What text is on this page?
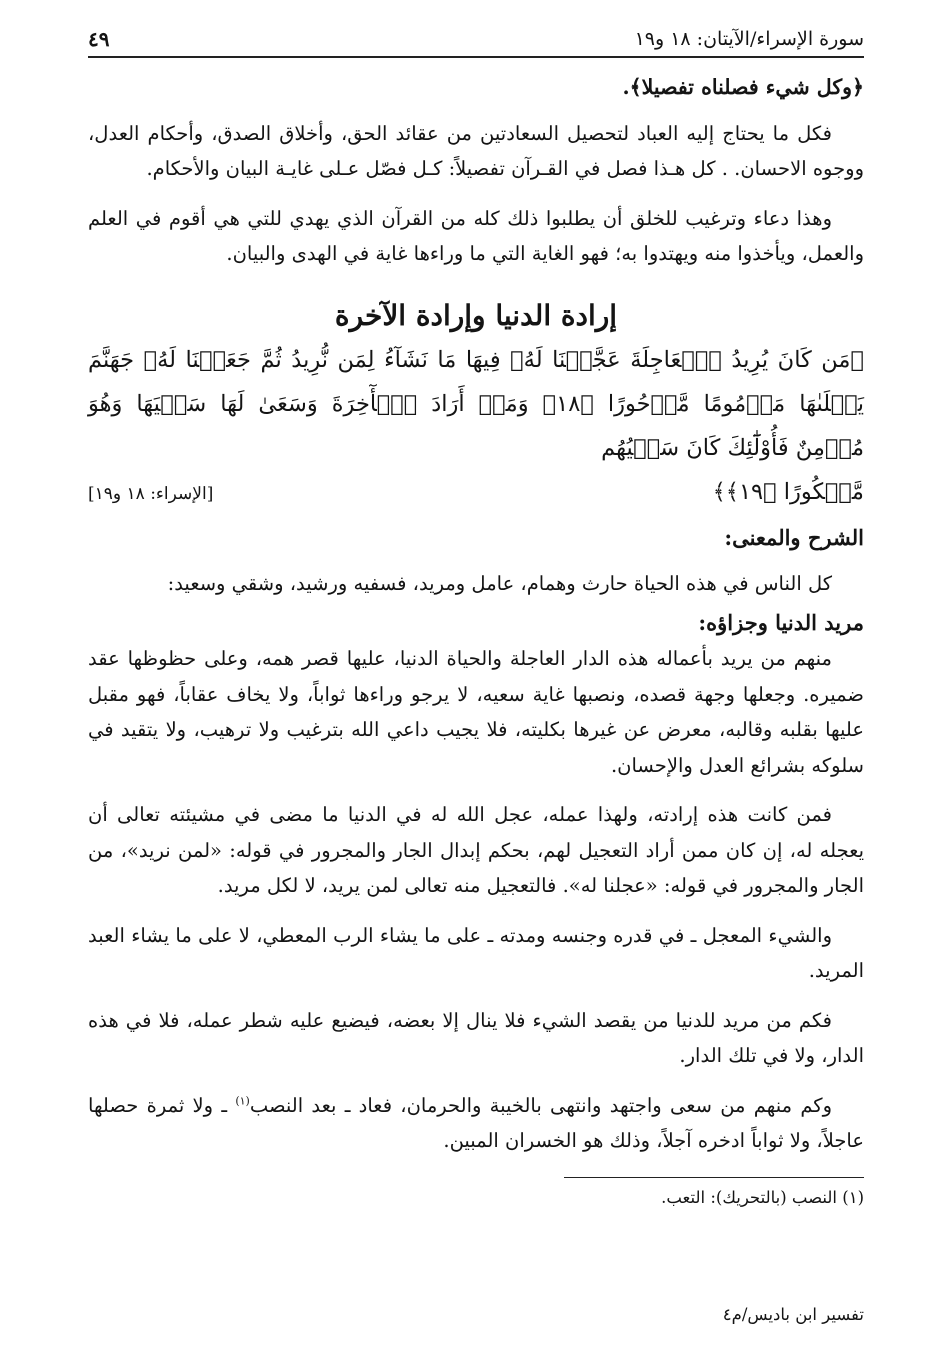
سورة الإسراء/الآيتان: ١٨ و١٩
٤٩

﴿وكل شيء فصلناه تفصيلا﴾.

فكل ما يحتاج إليه العباد لتحصيل السعادتين من عقائد الحق، وأخلاق الصدق، وأحكام العدل، ووجوه الاحسان. . كل هـذا فصل في القـرآن تفصيلاً: كـل فصّل عـلى غايـة البيان والأحكام.

وهذا دعاء وترغيب للخلق أن يطلبوا ذلك كله من القرآن الذي يهدي للتي هي أقوم في العلم والعمل، ويأخذوا منه ويهتدوا به؛ فهو الغاية التي ما وراءها غاية في الهدى والبيان.

إرادة الدنيا وإرادة الآخرة

﴿مَن كَانَ يُرِيدُ ٱلۡعَاجِلَةَ عَجَّلۡنَا لَهُۥ فِيهَا مَا نَشَآءُ لِمَن نُّرِيدُ ثُمَّ جَعَلۡنَا لَهُۥ جَهَنَّمَ يَصۡلَىٰهَا مَذۡمُومًا مَّدۡحُورًا ﴿١٨﴾ وَمَنۡ أَرَادَ ٱلۡأٓخِرَةَ وَسَعَىٰ لَهَا سَعۡيَهَا وَهُوَ مُؤۡمِنٌ فَأُوْلَٰٓئِكَ كَانَ سَعۡيُهُم

مَّشۡكُورًا ﴿١٩﴾﴾
[الإسراء: ١٨ و١٩]
الشرح والمعنى:

كل الناس في هذه الحياة حارث وهمام، عامل ومريد، فسفيه ورشيد، وشقي وسعيد:

مريد الدنيا وجزاؤه:

منهم من يريد بأعماله هذه الدار العاجلة والحياة الدنيا، عليها قصر همه، وعلى حظوظها عقد ضميره. وجعلها وجهة قصده، ونصبها غاية سعيه، لا يرجو وراءها ثواباً، ولا يخاف عقاباً، فهو مقبل عليها بقلبه وقالبه، معرض عن غيرها بكليته، فلا يجيب داعي الله بترغيب ولا ترهيب، ولا يتقيد في سلوكه بشرائع العدل والإحسان.

فمن كانت هذه إرادته، ولهذا عمله، عجل الله له في الدنيا ما مضى في مشيئته تعالى أن يعجله له، إن كان ممن أراد التعجيل لهم، بحكم إبدال الجار والمجرور في قوله: «لمن نريد»، من الجار والمجرور في قوله: «عجلنا له». فالتعجيل منه تعالى لمن يريد، لا لكل مريد.

والشيء المعجل ـ في قدره وجنسه ومدته ـ على ما يشاء الرب المعطي، لا على ما يشاء العبد المريد.

فكم من مريد للدنيا من يقصد الشيء فلا ينال إلا بعضه، فيضيع عليه شطر عمله، فلا في هذه الدار، ولا في تلك الدار.

وكم منهم من سعى واجتهد وانتهى بالخيبة والحرمان، فعاد ـ بعد النصب$^{(١)}$ ـ ولا ثمرة حصلها عاجلاً، ولا ثواباً ادخره آجلاً، وذلك هو الخسران المبين.

(١) النصب (بالتحريك): التعب.
تفسير ابن باديس/م٤
